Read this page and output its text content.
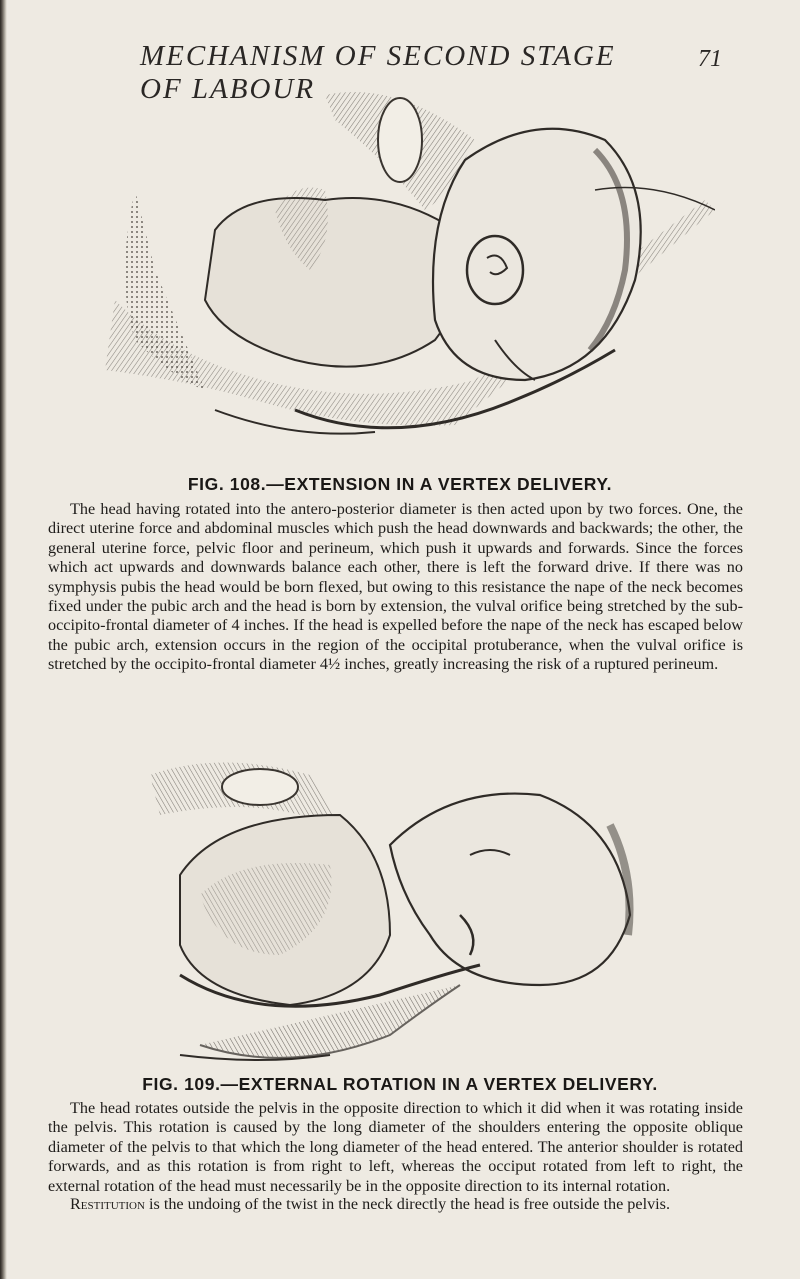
MECHANISM OF SECOND STAGE OF LABOUR
71
FIG. 108.—EXTENSION IN A VERTEX DELIVERY.

The head having rotated into the antero-posterior diameter is then acted upon by two forces. One, the direct uterine force and abdominal muscles which push the head downwards and backwards; the other, the general uterine force, pelvic floor and perineum, which push it upwards and forwards. Since the forces which act upwards and downwards balance each other, there is left the forward drive. If there was no symphysis pubis the head would be born flexed, but owing to this resistance the nape of the neck becomes fixed under the pubic arch and the head is born by extension, the vulval orifice being stretched by the sub-occipito-frontal diameter of 4 inches. If the head is expelled before the nape of the neck has escaped below the pubic arch, extension occurs in the region of the occipital protuberance, when the vulval orifice is stretched by the occipito-frontal diameter 4½ inches, greatly increasing the risk of a ruptured perineum.

FIG. 109.—EXTERNAL ROTATION IN A VERTEX DELIVERY.

The head rotates outside the pelvis in the opposite direction to which it did when it was rotating inside the pelvis. This rotation is caused by the long diameter of the shoulders entering the opposite oblique diameter of the pelvis to that which the long diameter of the head entered. The anterior shoulder is rotated forwards, and as this rotation is from right to left, whereas the occiput rotated from left to right, the external rotation of the head must necessarily be in the opposite direction to its internal rotation.

Restitution is the undoing of the twist in the neck directly the head is free outside the pelvis.
